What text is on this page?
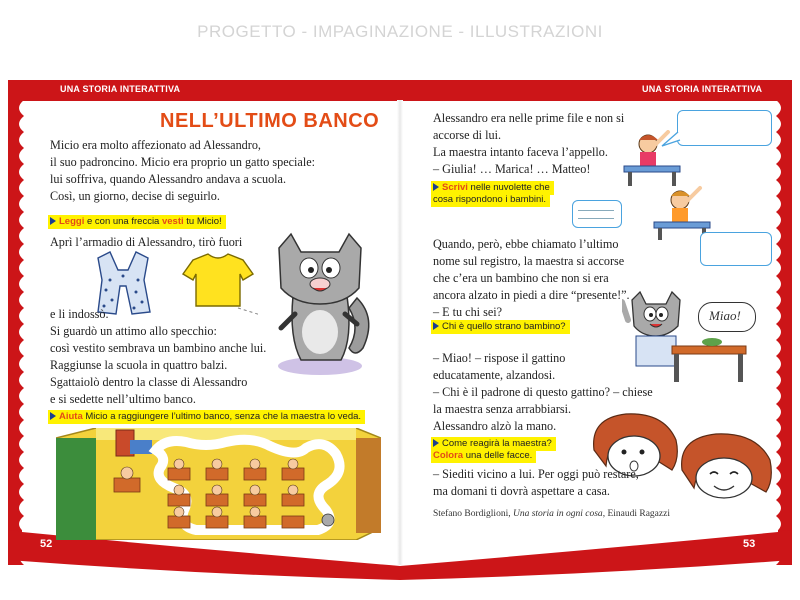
PROGETTO - IMPAGINAZIONE - ILLUSTRAZIONI
UNA STORIA INTERATTIVA	UNA STORIA INTERATTIVA
52	53
NELL’ULTIMO BANCO
Micio era molto affezionato ad Alessandro,
il suo padroncino. Micio era proprio un gatto speciale:
lui soffriva, quando Alessandro andava a scuola.
Così, un giorno, decise di seguirlo.
Leggi e con una freccia vesti tu Micio!
Aprì l’armadio di Alessandro, tirò fuori
e li indossò.
Si guardò un attimo allo specchio:
così vestito sembrava un bambino anche lui.
Raggiunse la scuola in quattro balzi.
Sgattaiolò dentro la classe di Alessandro
e si sedette nell’ultimo banco.
Aiuta Micio a raggiungere l’ultimo banco, senza che la maestra lo veda.
Alessandro era nelle prime file e non si
accorse di lui.
La maestra intanto faceva l’appello.
– Giulia! … Marica! … Matteo!
Scrivi nelle nuvolette che
cosa rispondono i bambini.
Quando, però, ebbe chiamato l’ultimo
nome sul registro, la maestra si accorse
che c’era un bambino che non si era
ancora alzato in piedi a dire “presente!”.
– E tu chi sei?
Chi è quello strano bambino?
Miao!
– Miao! – rispose il gattino
educatamente, alzandosi.
– Chi è il padrone di questo gattino? – chiese
la maestra senza arrabbiarsi.
Alessandro alzò la mano.
Come reagirà la maestra?
Colora una delle facce.
– Siediti vicino a lui. Per oggi può restare,
ma domani ti dovrà aspettare a casa.
Stefano Bordiglioni, Una storia in ogni cosa, Einaudi Ragazzi
